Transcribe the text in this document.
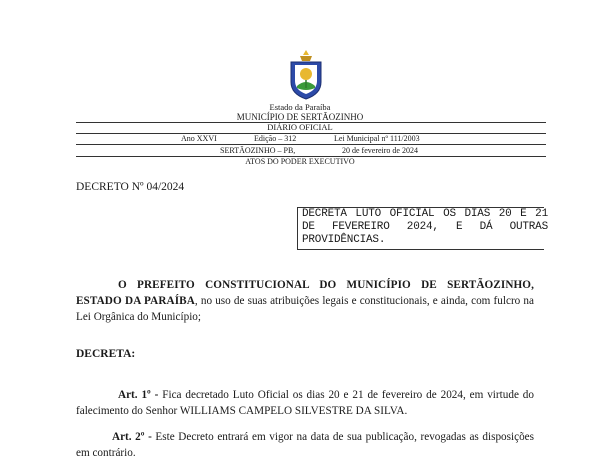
Estado da Paraíba
MUNICÍPIO DE SERTÃOZINHO
DIÁRIO OFICIAL
Ano XXVI	Edição – 312	Lei Municipal nº 111/2003
SERTÃOZINHO – PB,	20 de fevereiro de 2024
ATOS DO PODER EXECUTIVO
DECRETO Nº 04/2024
DECRETA LUTO OFICIAL OS DIAS 20 E 21 DE FEVEREIRO 2024, E DÁ OUTRAS PROVIDÊNCIAS.
O PREFEITO CONSTITUCIONAL DO MUNICÍPIO DE SERTÃOZINHO, ESTADO DA PARAÍBA, no uso de suas atribuições legais e constitucionais, e ainda, com fulcro na Lei Orgânica do Município;
DECRETA:
Art. 1º - Fica decretado Luto Oficial os dias 20 e 21 de fevereiro de 2024, em virtude do falecimento do Senhor WILLIAMS CAMPELO SILVESTRE DA SILVA.
Art. 2º - Este Decreto entrará em vigor na data de sua publicação, revogadas as disposições em contrário.
